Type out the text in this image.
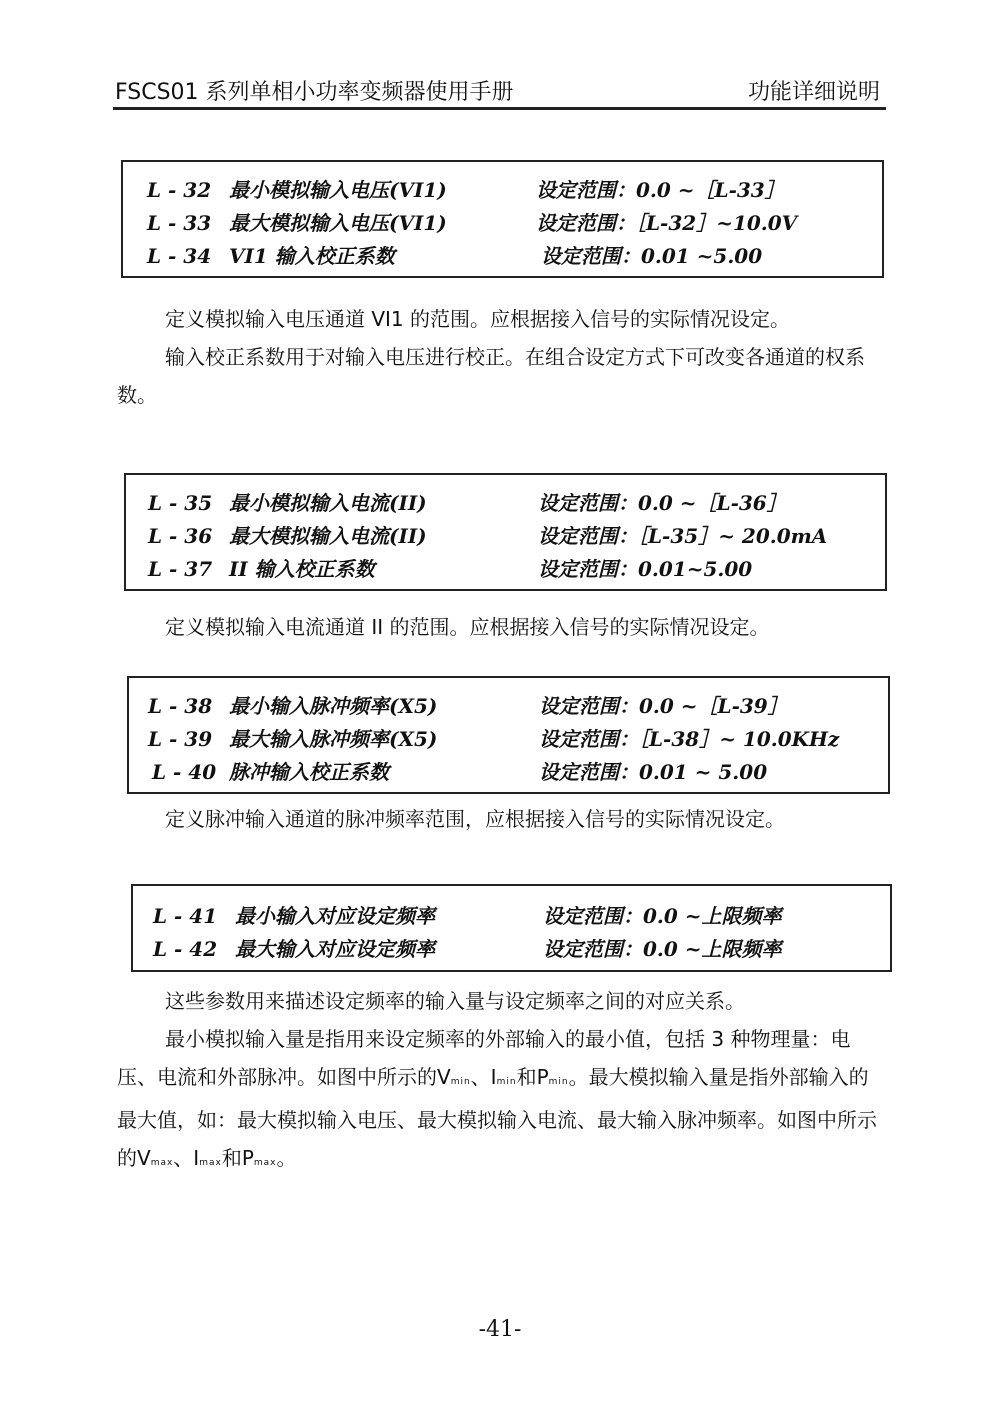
FSCS01 系列单相小功率变频器使用手册	功能详细说明
L - 32 最小模拟输入电压(VI1)	设定范围：0.0 ~［L-33］
L - 33 最大模拟输入电压(VI1)	设定范围：［L-32］~10.0V
L - 34 VI1 输入校正系数	设定范围：0.01 ~5.00
定义模拟输入电压通道 VI1 的范围。应根据接入信号的实际情况设定。
输入校正系数用于对输入电压进行校正。在组合设定方式下可改变各通道的权系数。
L - 35 最小模拟输入电流(II)	设定范围：0.0 ~［L-36］
L - 36 最大模拟输入电流(II)	设定范围：［L-35］~ 20.0mA
L - 37 II 输入校正系数	设定范围：0.01~5.00
定义模拟输入电流通道 II 的范围。应根据接入信号的实际情况设定。
L - 38 最小输入脉冲频率(X5)	设定范围：0.0 ~［L-39］
L - 39 最大输入脉冲频率(X5)	设定范围：［L-38］~ 10.0KHz
L - 40 脉冲输入校正系数	设定范围：0.01 ~ 5.00
定义脉冲输入通道的脉冲频率范围，应根据接入信号的实际情况设定。
L - 41 最小输入对应设定频率	设定范围：0.0 ~上限频率
L - 42 最大输入对应设定频率	设定范围：0.0 ~上限频率
这些参数用来描述设定频率的输入量与设定频率之间的对应关系。
最小模拟输入量是指用来设定频率的外部输入的最小值，包括 3 种物理量：电压、电流和外部脉冲。如图中所示的Vmin、Imin和Pmin。最大模拟输入量是指外部输入的最大值，如：最大模拟输入电压、最大模拟输入电流、最大输入脉冲频率。如图中所示的Vmax、Imax和Pmax。
-41-
